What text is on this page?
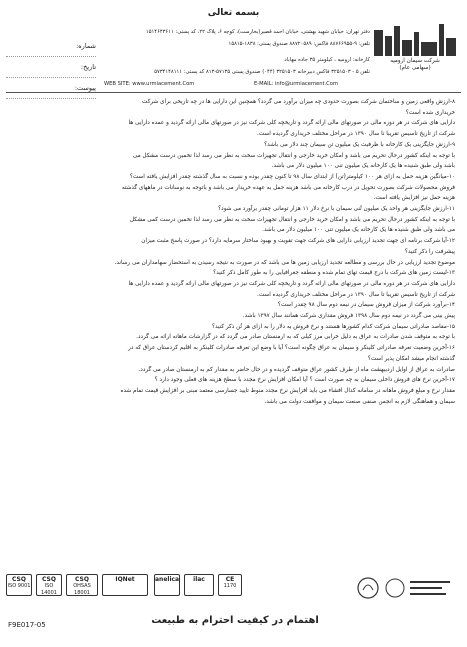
بسمه تعالی
شماره:
تاریخ:
پیوست:
دفتر تهران: خیابان شهید بهشتی، خیابان احمد قصیر(بخارست)، کوچه ۶، پلاک ۲۲، کد پستی: ۱۵۱۴۶۴۳۶۱۱
تلفن: ۹-۸۸۷۶۶۹۵۵ فاکس: ۸۸۷۲۰۵۸۹ صندوق پستی: ۱۸۳۸-۱۵۸۱۵
کارخانه: ارومیه ، کیلومتر ۳۵ جاده مهاباد
تلفن ۵ - ۳۲۵۱۵۰۳ فاکس دبیرخانه ۳۲۵۱۵۰۳ (۰۴۴) صندوق پستی ۵۷۱۳۵-۸۱۳ کد پستی: ۵۷۳۴۱۴۸۱۱۱
WEB SITE: www.urmiacement.Com	E-MAIL: info@urmiacement.Com
شرکت سیمان ارومیه
(سهامی عام)

۸-ارزش واقعی زمین و ساختمان شرکت بصورت حدودی چه میزان برآورد می گردد؟ همچنین این دارایی ها در چه تاریخی برای شرکت

خریداری شده است؟

دارایی های شرکت در هر دوره مالی در صورتهای مالی ارائه گردد و تاریخچه کلی شرکت نیز در صورتهای مالی ارائه گردید و عمده دارایی ها

شرکت از تاریخ تاسیس تقریبا تا سال ۱۳۹۰ در مراحل مختلف خریداری گردیده است.

۹-ارزش جایگزینی یک کارخانه با ظرفیت یک میلیون تن سیمان چند دلار می باشد؟

با توجه به اینکه کشور درحال تحریم می باشد و امکان خرید خارجی و انتقال تجهیزات سخت به نظر می رسد لذا تخمین درست مشکل می

باشد ولی طبق شنیده ها یک کارخانه یک میلیون تنی ۱۰۰ میلیون دلار می باشد.

۱۰-میانگین هزینه حمل به ازای هر ۱۰۰ کیلومتر(تن) از ابتدای سال ۹۸ تا کنون چقدر بوده و نسبت به سال گذشته چقدر افزایش یافته است؟

فروش محصولات شرکت بصورت تحویل در درب کارخانه می باشد هزینه حمل به عهده خریدار می باشد و باتوجه به نوسانات در ماههای گذشته

هزینه حمل نیز افزایش یافته است.

۱۱-ارزش جایگزینی هر واحد یک میلیون تُنی سیمان با نرخ دلار ۱۱ هزار تومانی چقدر برآورد می شود؟

با توجه به اینکه کشور درحال تحریم می باشد و امکان خرید خارجی و انتقال تجهیزات سخت به نظر می رسد لذا تخمین درست کمی مشکل

می باشد ولی طبق شنیده ها یک کارخانه یک میلیون تنی ۱۰۰ میلیون دلار می باشد.

۱۲-آیا شرکت برنامه ای جهت تجدید ارزیابی دارایی های شرکت جهت تقویت و بهبود ساختار سرمایه دارد؟ در صورت پاسخ مثبت میزان

پیشرفت را ذکر کنید؟

موضوع تجدید ارزیابی در حال بررسی و مطالعه تجدید ارزیابی زمین ها می باشد که در صورت به نتیجه رسیدن به استحضار سهامداران می رساند.

۱۳-لیست زمین های شرکت با درج قیمت تهای تمام شده و منطقه جغرافیایی را به طور کامل ذکر کنید؟

دارایی های شرکت در هر دوره مالی در صورتهای مالی ارائه گردد و تاریخچه کلی شرکت نیز در صورتهای مالی ارائه گردید و عمده دارایی ها

شرکت از تاریخ تاسیس تقریبا تا سال ۱۳۹۰ در مراحل مختلف خریداری گردیده است.

۱۴-برآورد شرکت از میزان فروش سیمان در نیمه دوم سال ۹۸ چقدر است؟

پیش بینی می گردد در نیمه دوم سال ۱۳۹۸ فروش مقداری شرکت همانند سال ۱۳۹۷ باشد.

۱۵-مقاصد صادراتی سیمان شرکت کدام کشورها هستند و نرخ فروش به دلار را به ازای هر تُن ذکر کنید؟

با توجه به متوقف شدن صادرات به عراق به دلیل خرابی مرز کیلی که به ارمنستان صادر می گردد که در گزارشات ماهانه ارائه می گردد.

۱۶-آخرین وضعیت تعرفه صادراتی کلینکر و سیمان به عراق چگونه است؟ آیا با وضع این تعرفه صادرات کلینکر به اقلیم کردستان عراق که در

گذشته انجام میشد امکان پذیر است؟

صادرات به عراق از اوایل اردیبهشت ماه از طرف کشور عراق متوقف گردیده و در حال حاضر به مقدار کم به ارمنستان صادر می گردد.

۱۷-آخرین نرخ های فروش داخلی سیمان به چه صورت است ؟ آیا امکان افزایش نرخ مجدد با سطح هزینه های فعلی وجود دارد ؟

مقدار نرخ و مبلغ فروش ماهانه در سامانه کدال افشاء می باید افزایش نرخ مجدد منوط تایید جسارسی معتمد مبنی بر افزایش قیمت تمام شده

سیمان و هماهنگی لازم به انجمن صنفی صنعت سیمان و موافقت دولت می باشد.

CSQ
ISO 9001
CSQ
ISO 14001
CSQ
OHSAS 18001
IQNet	anelica	ilac	CE
1170
F9E017-05	اهتمام در کیفیت احترام به طبیعت
